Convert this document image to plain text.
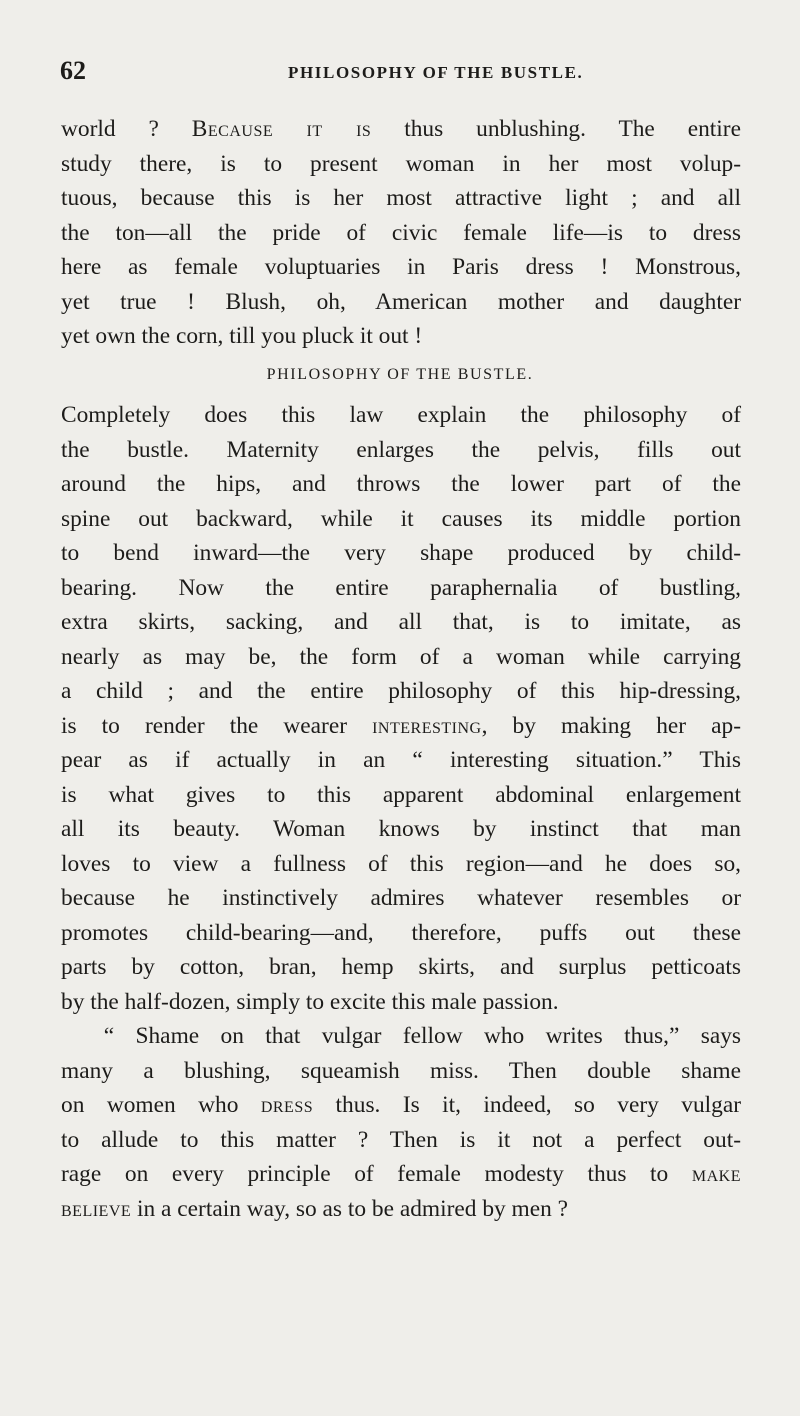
62	PHILOSOPHY OF THE BUSTLE.
world ? Because it is thus unblushing. The entire
study there, is to present woman in her most volup-
tuous, because this is her most attractive light ; and all
the ton—all the pride of civic female life—is to dress
here as female voluptuaries in Paris dress ! Monstrous,
yet true ! Blush, oh, American mother and daughter
yet own the corn, till you pluck it out !
PHILOSOPHY OF THE BUSTLE.
Completely does this law explain the philosophy of
the bustle. Maternity enlarges the pelvis, fills out
around the hips, and throws the lower part of the
spine out backward, while it causes its middle portion
to bend inward—the very shape produced by child-
bearing. Now the entire paraphernalia of bustling,
extra skirts, sacking, and all that, is to imitate, as
nearly as may be, the form of a woman while carrying
a child ; and the entire philosophy of this hip-dressing,
is to render the wearer interesting, by making her ap-
pear as if actually in an “ interesting situation.” This
is what gives to this apparent abdominal enlargement
all its beauty. Woman knows by instinct that man
loves to view a fullness of this region—and he does so,
because he instinctively admires whatever resembles or
promotes child-bearing—and, therefore, puffs out these
parts by cotton, bran, hemp skirts, and surplus petticoats
by the half-dozen, simply to excite this male passion.
“ Shame on that vulgar fellow who writes thus,” says
many a blushing, squeamish miss. Then double shame
on women who dress thus. Is it, indeed, so very vulgar
to allude to this matter ? Then is it not a perfect out-
rage on every principle of female modesty thus to make
believe in a certain way, so as to be admired by men ?
